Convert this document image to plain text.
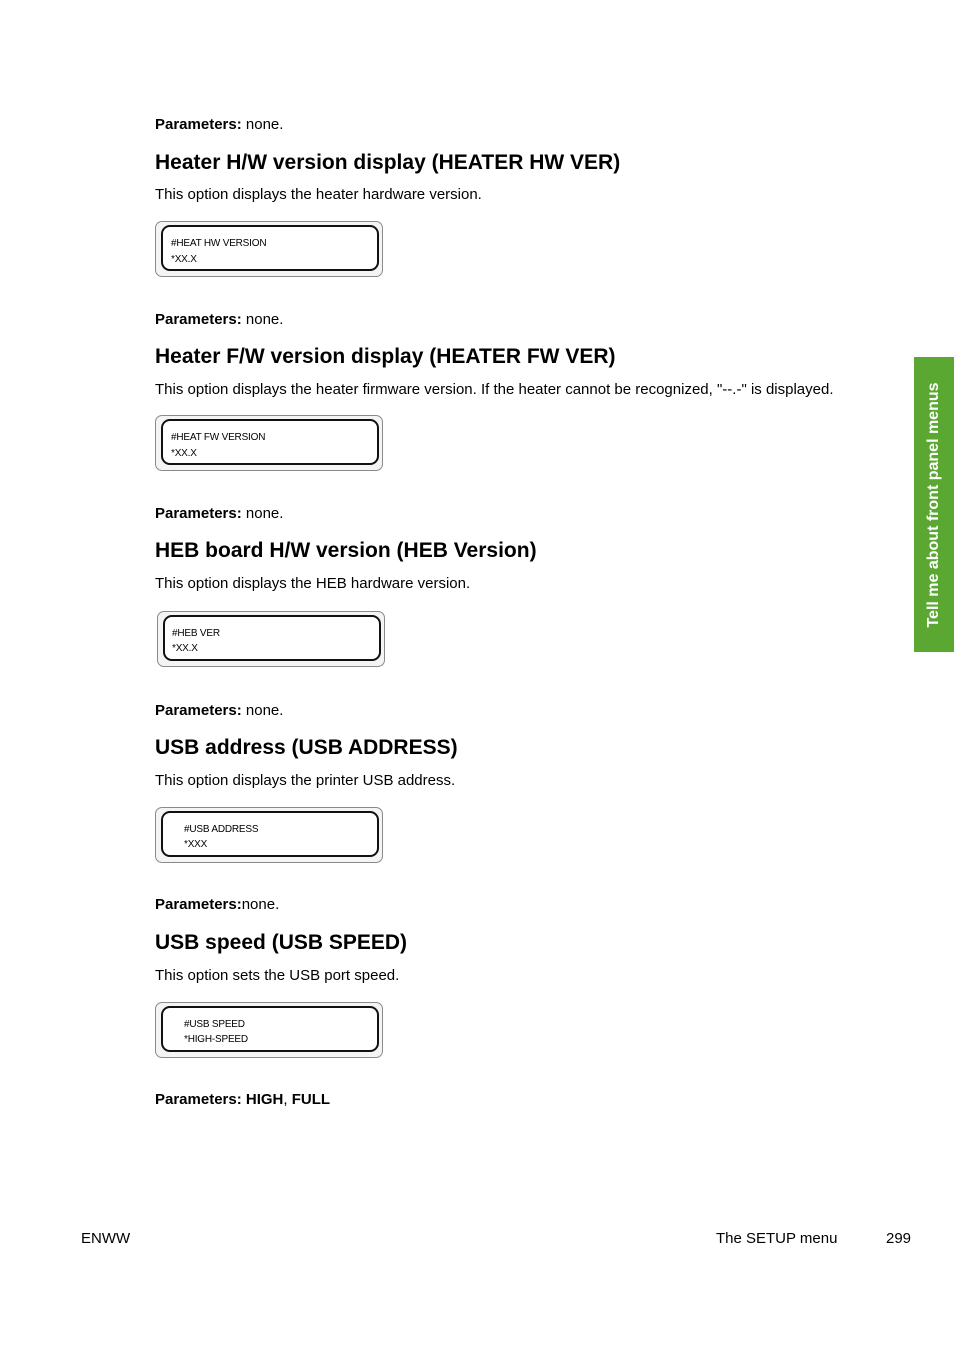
Parameters: none.
Heater H/W version display (HEATER HW VER)
This option displays the heater hardware version.
#HEAT HW VERSION
*XX.X
Parameters: none.
Heater F/W version display (HEATER FW VER)
This option displays the heater firmware version. If the heater cannot be recognized, "--.-" is displayed.
#HEAT FW VERSION
*XX.X
Parameters: none.
HEB board H/W version (HEB Version)
This option displays the HEB hardware version.
#HEB VER
*XX.X
Parameters: none.
USB address (USB ADDRESS)
This option displays the printer USB address.
#USB ADDRESS
*XXX
Parameters:none.
USB speed (USB SPEED)
This option sets the USB port speed.
#USB SPEED
*HIGH-SPEED
Parameters: HIGH, FULL
Tell me about front panel menus
ENWW	The SETUP menu	299
